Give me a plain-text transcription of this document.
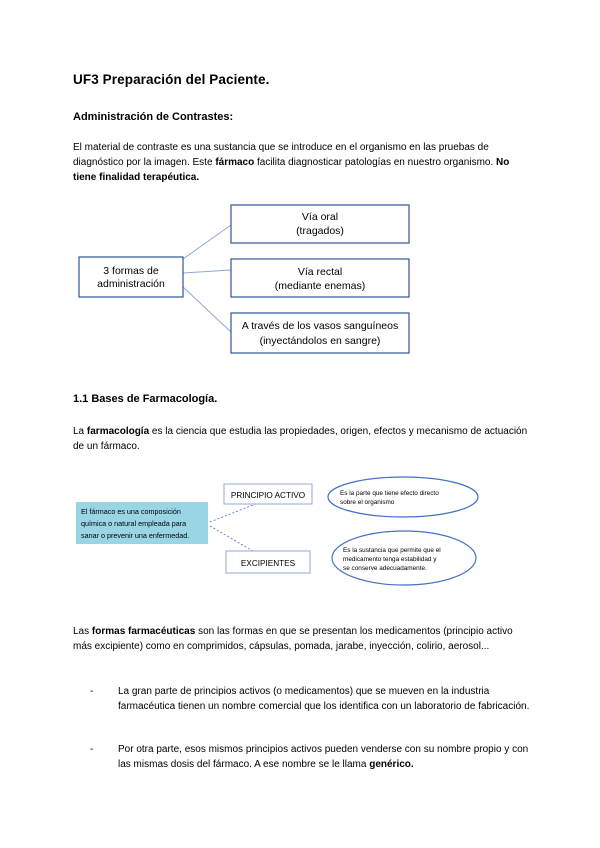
UF3 Preparación del Paciente.
Administración de Contrastes:
El material de contraste es una sustancia que se introduce en el organismo en las pruebas de diagnóstico por la imagen. Este fármaco facilita diagnosticar patologías en nuestro organismo. No tiene finalidad terapéutica.
3 formas de
administración
Vía oral
(tragados)
Vía rectal
(mediante enemas)
A través de los vasos sanguíneos
(inyectándolos en sangre)
1.1 Bases de Farmacología.
La farmacología es la ciencia que estudia las propiedades, origen, efectos y mecanismo de actuación de un fármaco.
El fármaco es una composición
química o natural empleada para
sanar o prevenir una enfermedad.
PRINCIPIO ACTIVO
EXCIPIENTES
Es la parte que tiene efecto directo
sobre el organismo
Es la sustancia que permite que el
medicamento tenga estabilidad y
se conserve adecuadamente.
Las formas farmacéuticas son las formas en que se presentan los medicamentos (principio activo más excipiente) como en comprimidos, cápsulas, pomada, jarabe, inyección, colirio, aerosol...
- La gran parte de principios activos (o medicamentos) que se mueven en la industria farmacéutica tienen un nombre comercial que los identifica con un laboratorio de fabricación.
- Por otra parte, esos mismos principios activos pueden venderse con su nombre propio y con las mismas dosis del fármaco. A ese nombre se le llama genérico.
